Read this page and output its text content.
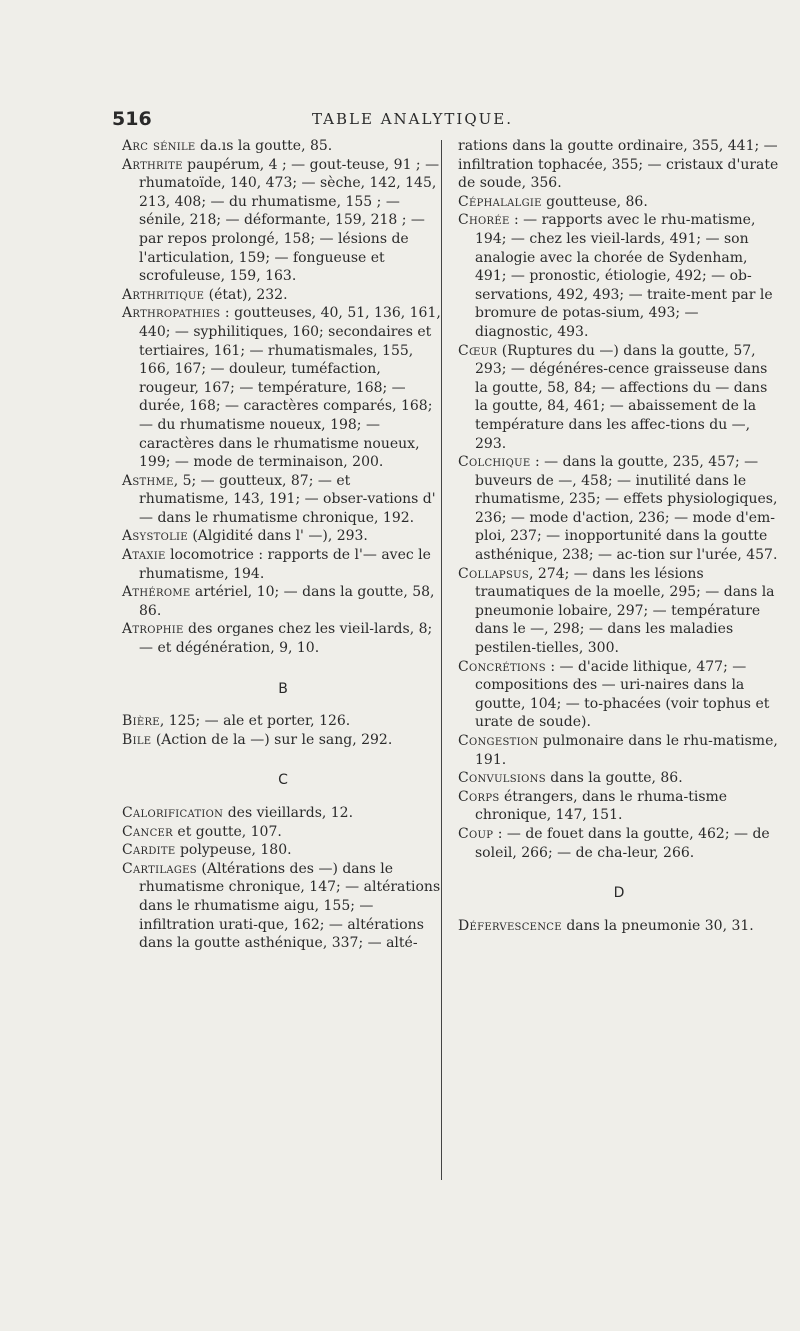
516	TABLE ANALYTIQUE.

Arc sénile da.ıs la goutte, 85.

Arthrite paupérum, 4 ; — gout-teuse, 91 ; — rhumatoïde, 140, 473; — sèche, 142, 145, 213, 408; — du rhumatisme, 155 ; — sénile, 218; — déformante, 159, 218 ; — par repos prolongé, 158; — lésions de l'articulation, 159; — fongueuse et scrofuleuse, 159, 163.

Arthritique (état), 232.

Arthropathies : goutteuses, 40, 51, 136, 161, 440; — syphilitiques, 160; secondaires et tertiaires, 161; — rhumatismales, 155, 166, 167; — douleur, tuméfaction, rougeur, 167; — température, 168; — durée, 168; — caractères comparés, 168; — du rhumatisme noueux, 198; — caractères dans le rhumatisme noueux, 199; — mode de terminaison, 200.

Asthme, 5; — goutteux, 87; — et rhumatisme, 143, 191; — obser-vations d' — dans le rhumatisme chronique, 192.

Asystolie (Algidité dans l' —), 293.

Ataxie locomotrice : rapports de l'— avec le rhumatisme, 194.

Athérome artériel, 10; — dans la goutte, 58, 86.

Atrophie des organes chez les vieil-lards, 8; — et dégénération, 9, 10.

B

Bière, 125; — ale et porter, 126.

Bile (Action de la —) sur le sang, 292.

C

Calorification des vieillards, 12.

Cancer et goutte, 107.

Cardite polypeuse, 180.

Cartilages (Altérations des —) dans le rhumatisme chronique, 147; — altérations dans le rhumatisme aigu, 155; — infiltration urati-que, 162; — altérations dans la goutte asthénique, 337; — alté-

rations dans la goutte ordinaire, 355, 441; — infiltration tophacée, 355; — cristaux d'urate de soude, 356.

Céphalalgie goutteuse, 86.

Chorée : — rapports avec le rhu-matisme, 194; — chez les vieil-lards, 491; — son analogie avec la chorée de Sydenham, 491; — pronostic, étiologie, 492; — ob-servations, 492, 493; — traite-ment par le bromure de potas-sium, 493; — diagnostic, 493.

Cœur (Ruptures du —) dans la goutte, 57, 293; — dégénéres-cence graisseuse dans la goutte, 58, 84; — affections du — dans la goutte, 84, 461; — abaissement de la température dans les affec-tions du —, 293.

Colchique : — dans la goutte, 235, 457; — buveurs de —, 458; — inutilité dans le rhumatisme, 235; — effets physiologiques, 236; — mode d'action, 236; — mode d'em-ploi, 237; — inopportunité dans la goutte asthénique, 238; — ac-tion sur l'urée, 457.

Collapsus, 274; — dans les lésions traumatiques de la moelle, 295; — dans la pneumonie lobaire, 297; — température dans le —, 298; — dans les maladies pestilen-tielles, 300.

Concrétions : — d'acide lithique, 477; — compositions des — uri-naires dans la goutte, 104; — to-phacées (voir tophus et urate de soude).

Congestion pulmonaire dans le rhu-matisme, 191.

Convulsions dans la goutte, 86.

Corps étrangers, dans le rhuma-tisme chronique, 147, 151.

Coup : — de fouet dans la goutte, 462; — de soleil, 266; — de cha-leur, 266.

D

Défervescence dans la pneumonie 30, 31.
